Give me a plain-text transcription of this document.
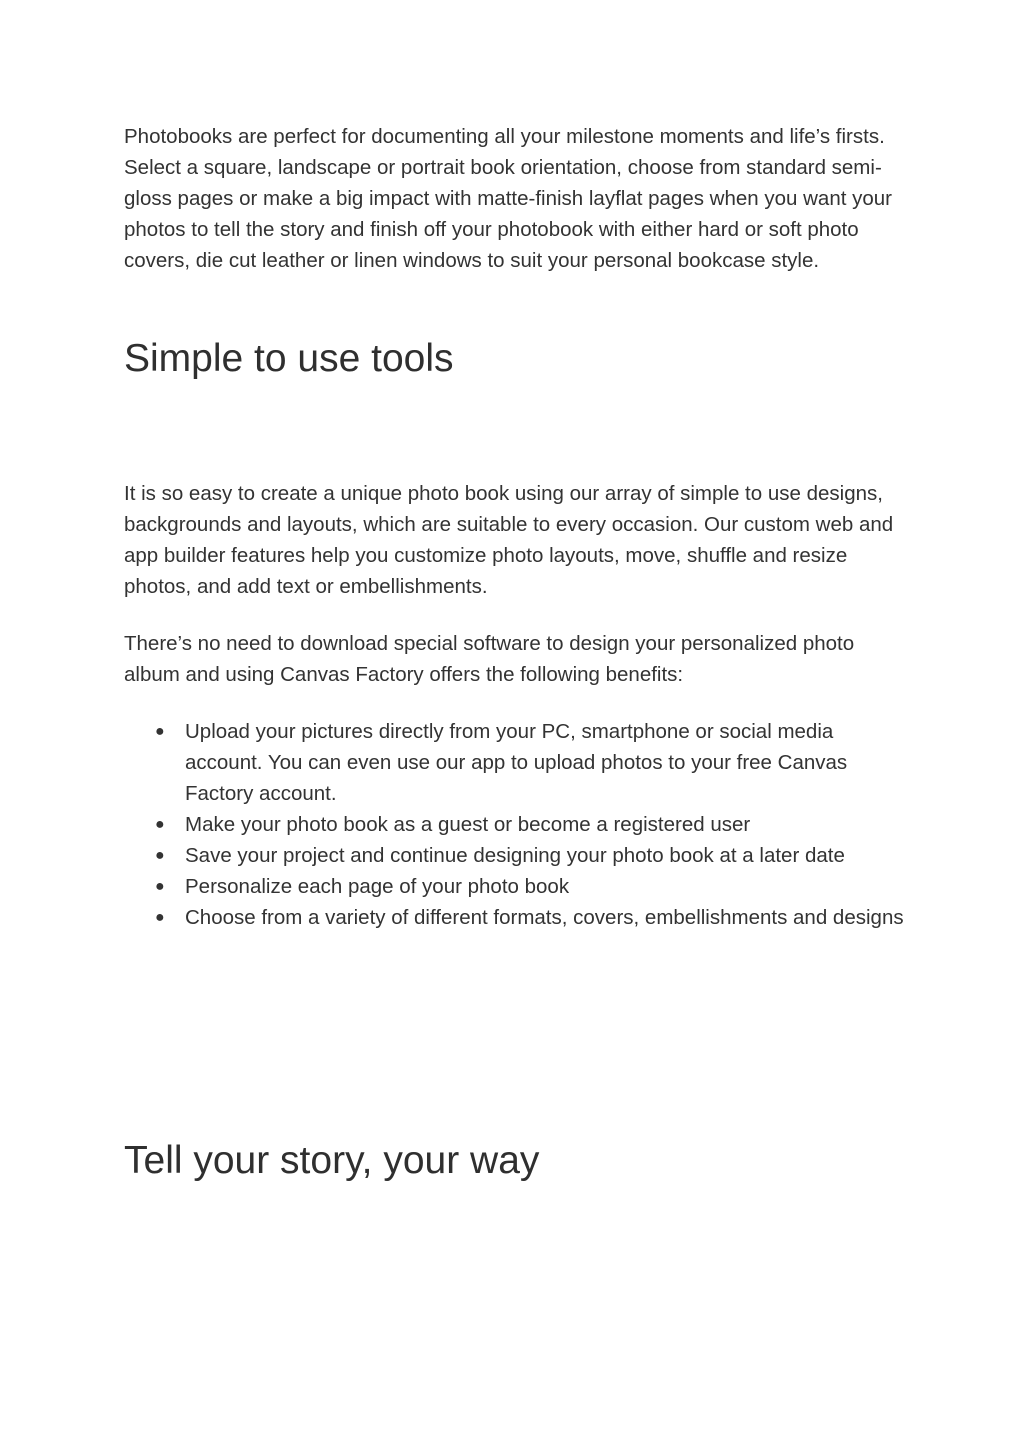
Photobooks are perfect for documenting all your milestone moments and life’s firsts. Select a square, landscape or portrait book orientation, choose from standard semi-gloss pages or make a big impact with matte-finish layflat pages when you want your photos to tell the story and finish off your photobook with either hard or soft photo covers, die cut leather or linen windows to suit your personal bookcase style.

Simple to use tools

It is so easy to create a unique photo book using our array of simple to use designs, backgrounds and layouts, which are suitable to every occasion. Our custom web and app builder features help you customize photo layouts, move, shuffle and resize photos, and add text or embellishments.

There’s no need to download special software to design your personalized photo album and using Canvas Factory offers the following benefits:

● Upload your pictures directly from your PC, smartphone or social media account. You can even use our app to upload photos to your free Canvas Factory account.
● Make your photo book as a guest or become a registered user
● Save your project and continue designing your photo book at a later date
● Personalize each page of your photo book
● Choose from a variety of different formats, covers, embellishments and designs
Tell your story, your way
